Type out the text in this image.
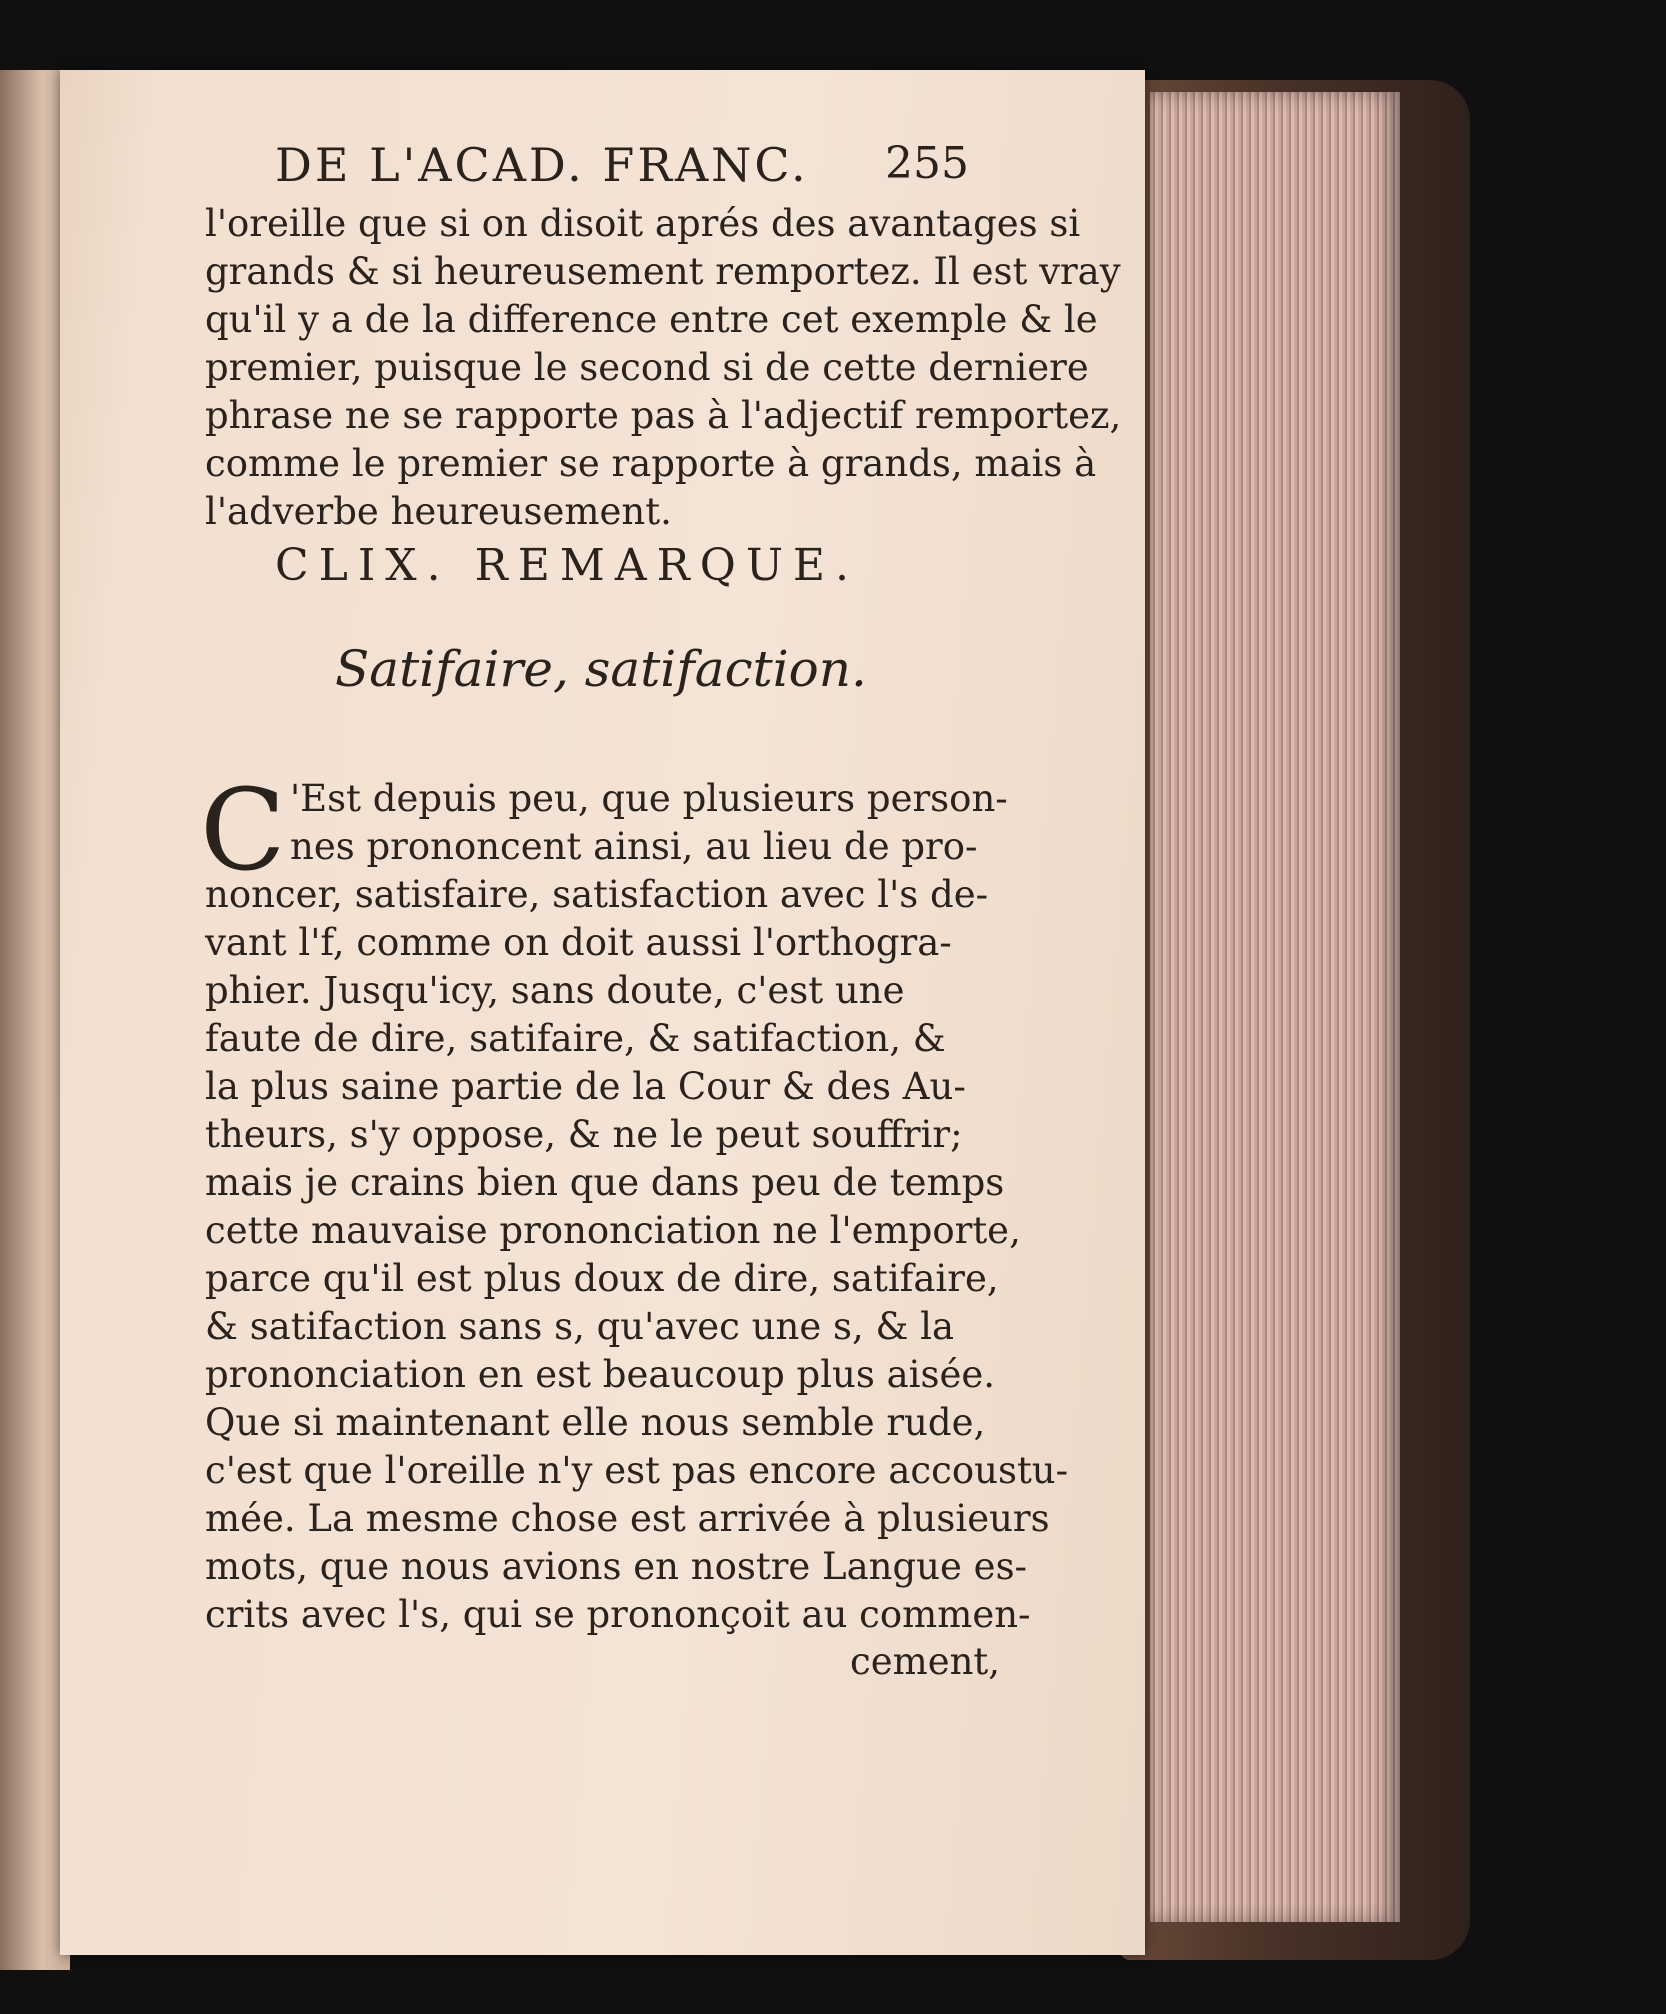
DE L'ACAD. FRANC. 255
l'oreille que si on disoit aprés des avantages si
grands & si heureusement remportez. Il est vray
qu'il y a de la difference entre cet exemple & le
premier, puisque le second si de cette derniere
phrase ne se rapporte pas à l'adjectif remportez,
comme le premier se rapporte à grands, mais à
l'adverbe heureusement.
CLIX. REMARQUE.
Satifaire, satifaction.
C 'Est depuis peu, que plusieurs person-
nes prononcent ainsi, au lieu de pro-
noncer, satisfaire, satisfaction avec l's de-
vant l'f, comme on doit aussi l'orthogra-
phier. Jusqu'icy, sans doute, c'est une
faute de dire, satifaire, & satifaction, &
la plus saine partie de la Cour & des Au-
theurs, s'y oppose, & ne le peut souffrir;
mais je crains bien que dans peu de temps
cette mauvaise prononciation ne l'emporte,
parce qu'il est plus doux de dire, satifaire,
& satifaction sans s, qu'avec une s, & la
prononciation en est beaucoup plus aisée.
Que si maintenant elle nous semble rude,
c'est que l'oreille n'y est pas encore accoustu-
mée. La mesme chose est arrivée à plusieurs
mots, que nous avions en nostre Langue es-
crits avec l's, qui se prononçoit au commen-
cement,
